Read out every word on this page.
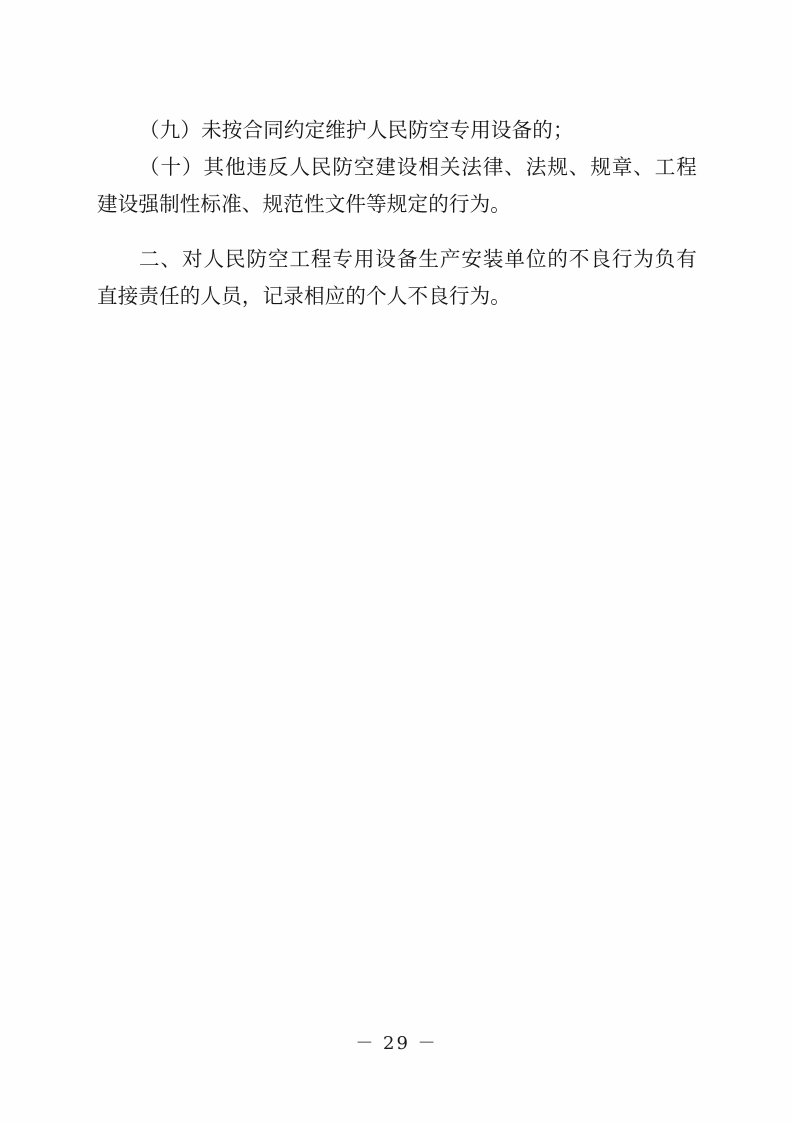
（九）未按合同约定维护人民防空专用设备的；

（十）其他违反人民防空建设相关法律、法规、规章、工程建设强制性标准、规范性文件等规定的行为。

二、对人民防空工程专用设备生产安装单位的不良行为负有直接责任的人员，记录相应的个人不良行为。

－ 29 －
